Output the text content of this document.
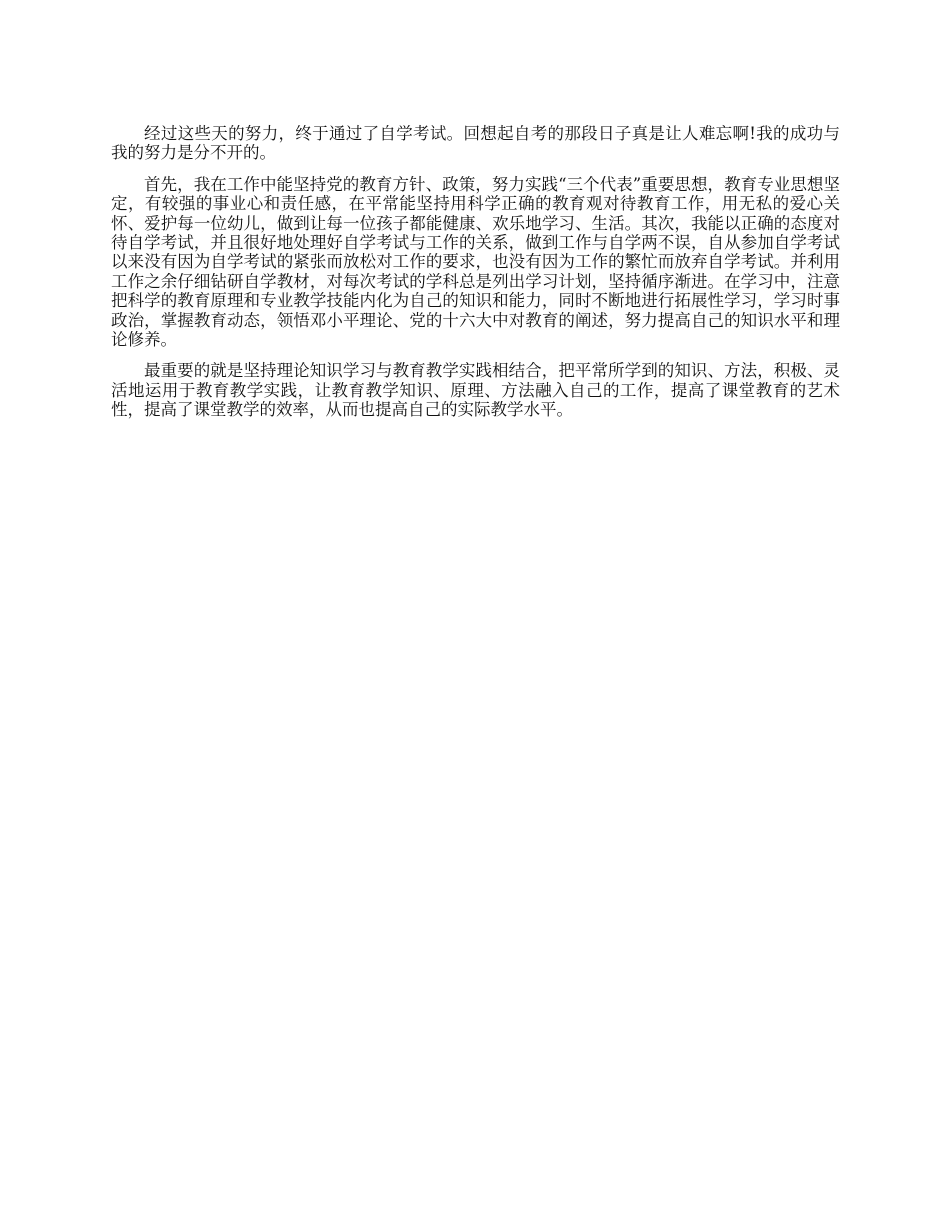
经过这些天的努力，终于通过了自学考试。回想起自考的那段日子真是让人难忘啊!我的成功与我的努力是分不开的。

首先，我在工作中能坚持党的教育方针、政策，努力实践“三个代表”重要思想，教育专业思想坚定，有较强的事业心和责任感，在平常能坚持用科学正确的教育观对待教育工作，用无私的爱心关怀、爱护每一位幼儿，做到让每一位孩子都能健康、欢乐地学习、生活。其次，我能以正确的态度对待自学考试，并且很好地处理好自学考试与工作的关系，做到工作与自学两不误，自从参加自学考试以来没有因为自学考试的紧张而放松对工作的要求，也没有因为工作的繁忙而放弃自学考试。并利用工作之余仔细钻研自学教材，对每次考试的学科总是列出学习计划，坚持循序渐进。在学习中，注意把科学的教育原理和专业教学技能内化为自己的知识和能力，同时不断地进行拓展性学习，学习时事政治，掌握教育动态，领悟邓小平理论、党的十六大中对教育的阐述，努力提高自己的知识水平和理论修养。

最重要的就是坚持理论知识学习与教育教学实践相结合，把平常所学到的知识、方法，积极、灵活地运用于教育教学实践，让教育教学知识、原理、方法融入自己的工作，提高了课堂教育的艺术性，提高了课堂教学的效率，从而也提高自己的实际教学水平。
